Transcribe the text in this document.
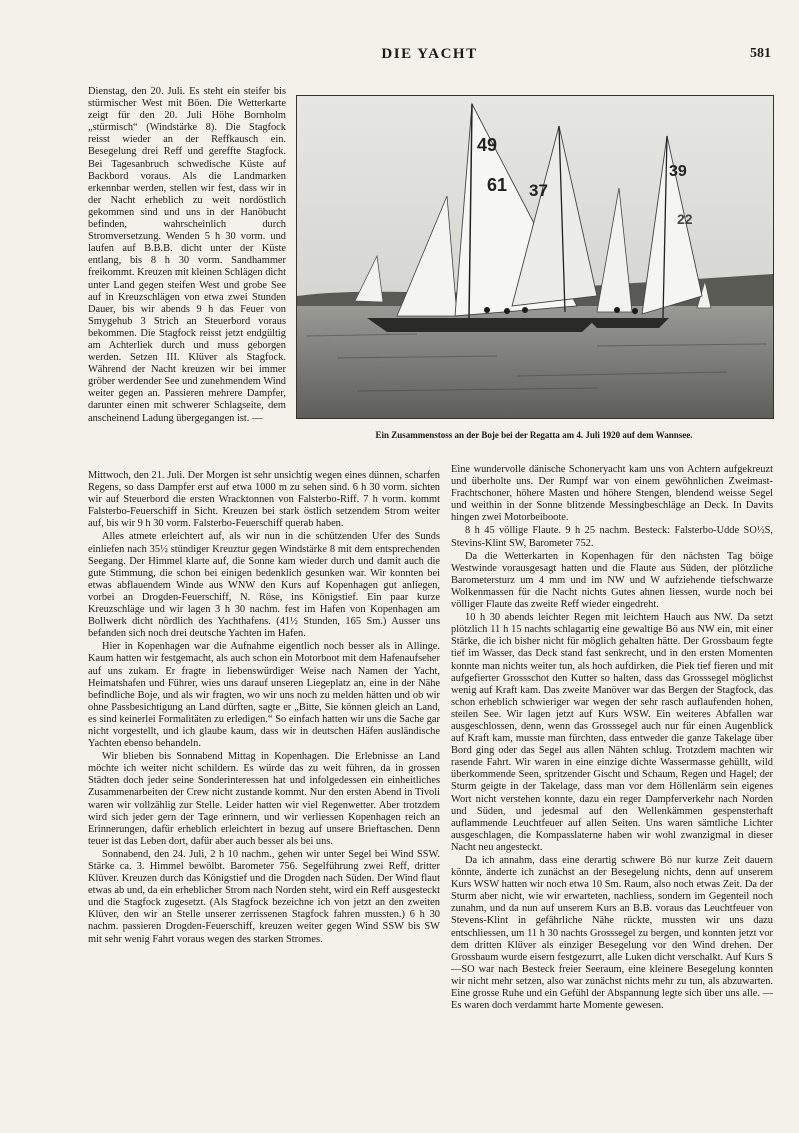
DIE YACHT	581

Dienstag, den 20. Juli. Es steht ein steifer bis stürmischer West mit Böen. Die Wetterkarte zeigt für den 20. Juli Höhe Bornholm „stürmisch“ (Windstärke 8). Die Stagfock reisst wieder an der Reffkausch ein. Besegelung drei Reff und gereffte Stagfock. Bei Tagesanbruch schwedische Küste auf Backbord voraus. Als die Landmarken erkennbar werden, stellen wir fest, dass wir in der Nacht erheblich zu weit nordöstlich gekommen sind und uns in der Hanöbucht befinden, wahrscheinlich durch Stromversetzung. Wenden 5 h 30 vorm. und laufen auf B.B.B. dicht unter der Küste entlang, bis 8 h 30 vorm. Sandhammer freikommt. Kreuzen mit kleinen Schlägen dicht unter Land gegen steifen West und grobe See auf in Kreuzschlägen von etwa zwei Stunden Dauer, bis wir abends 9 h das Feuer von Smygehub 3 Strich an Steuerbord voraus bekommen. Die Stagfock reisst jetzt endgültig am Achterliek durch und muss geborgen werden. Setzen III. Klüver als Stagfock. Während der Nacht kreuzen wir bei immer gröber werdender See und zunehmendem Wind weiter gegen an. Passieren mehrere Dampfer, darunter einen mit schwerer Schlagseite, dem anscheinend Ladung übergegangen ist. —

49
61 37
39
22
Ein Zusammenstoss an der Boje bei der Regatta am 4. Juli 1920 auf dem Wannsee.

Mittwoch, den 21. Juli. Der Morgen ist sehr unsichtig wegen eines dünnen, scharfen Regens, so dass Dampfer erst auf etwa 1000 m zu sehen sind. 6 h 30 vorm. sichten wir auf Steuerbord die ersten Wracktonnen von Falsterbo-Riff. 7 h vorm. kommt Falsterbo-Feuerschiff in Sicht. Kreuzen bei stark östlich setzendem Strom weiter auf, bis wir 9 h 30 vorm. Falsterbo-Feuerschiff querab haben.

Alles atmete erleichtert auf, als wir nun in die schützenden Ufer des Sunds einliefen nach 35½ stündiger Kreuztur gegen Windstärke 8 mit dem entsprechenden Seegang. Der Himmel klarte auf, die Sonne kam wieder durch und damit auch die gute Stimmung, die schon bei einigen bedenklich gesunken war. Wir konnten bei etwas abflauendem Winde aus WNW den Kurs auf Kopenhagen gut anliegen, vorbei an Drogden-Feuerschiff, N. Röse, ins Königstief. Ein paar kurze Kreuzschläge und wir lagen 3 h 30 nachm. fest im Hafen von Kopenhagen am Bollwerk dicht nördlich des Yachthafens. (41½ Stunden, 165 Sm.) Ausser uns befanden sich noch drei deutsche Yachten im Hafen.

Hier in Kopenhagen war die Aufnahme eigentlich noch besser als in Allinge. Kaum hatten wir festgemacht, als auch schon ein Motorboot mit dem Hafenaufseher auf uns zukam. Er fragte in liebenswürdiger Weise nach Namen der Yacht, Heimatshafen und Führer, wies uns darauf unseren Liegeplatz an, eine in der Nähe befindliche Boje, und als wir fragten, wo wir uns noch zu melden hätten und ob wir ohne Passbesichtigung an Land dürften, sagte er „Bitte, Sie können gleich an Land, es sind keinerlei Formalitäten zu erledigen.“ So einfach hatten wir uns die Sache gar nicht vorgestellt, und ich glaube kaum, dass wir in deutschen Häfen ausländische Yachten ebenso behandeln.

Wir blieben bis Sonnabend Mittag in Kopenhagen. Die Erlebnisse an Land möchte ich weiter nicht schildern. Es würde das zu weit führen, da in grossen Städten doch jeder seine Sonderinteressen hat und infolgedessen ein einheitliches Zusammenarbeiten der Crew nicht zustande kommt. Nur den ersten Abend in Tivoli waren wir vollzählig zur Stelle. Leider hatten wir viel Regenwetter. Aber trotzdem wird sich jeder gern der Tage erinnern, und wir verliessen Kopenhagen reich an Erinnerungen, dafür erheblich erleichtert in bezug auf unsere Brieftaschen. Denn teuer ist das Leben dort, dafür aber auch besser als bei uns.

Sonnabend, den 24. Juli, 2 h 10 nachm., gehen wir unter Segel bei Wind SSW. Stärke ca. 3. Himmel bewölbt. Barometer 756. Segelführung zwei Reff, dritter Klüver. Kreuzen durch das Königstief und die Drogden nach Süden. Der Wind flaut etwas ab und, da ein erheblicher Strom nach Norden steht, wird ein Reff ausgesteckt und die Stagfock zugesetzt. (Als Stagfock bezeichne ich von jetzt an den zweiten Klüver, den wir an Stelle unserer zerrissenen Stagfock fahren mussten.) 6 h 30 nachm. passieren Drogden-Feuerschiff, kreuzen weiter gegen Wind SSW bis SW mit sehr wenig Fahrt voraus wegen des starken Stromes.

Eine wundervolle dänische Schoneryacht kam uns von Achtern aufgekreuzt und überholte uns. Der Rumpf war von einem gewöhnlichen Zweimast-Frachtschoner, höhere Masten und höhere Stengen, blendend weisse Segel und weithin in der Sonne blitzende Messingbeschläge an Deck. In Davits hingen zwei Motorbeiboote.

8 h 45 völlige Flaute. 9 h 25 nachm. Besteck: Falsterbo-Udde SO½S, Stevins-Klint SW, Barometer 752.

Da die Wetterkarten in Kopenhagen für den nächsten Tag böige Westwinde vorausgesagt hatten und die Flaute aus Süden, der plötzliche Barometersturz um 4 mm und im NW und W aufziehende tiefschwarze Wolkenmassen für die Nacht nichts Gutes ahnen liessen, wurde noch bei völliger Flaute das zweite Reff wieder eingedreht.

10 h 30 abends leichter Regen mit leichtem Hauch aus NW. Da setzt plötzlich 11 h 15 nachts schlagartig eine gewaltige Bö aus NW ein, mit einer Stärke, die ich bisher nicht für möglich gehalten hätte. Der Grossbaum fegte tief im Wasser, das Deck stand fast senkrecht, und in den ersten Momenten konnte man nichts weiter tun, als hoch aufdirken, die Piek tief fieren und mit aufgefierter Grossschot den Kutter so halten, dass das Grosssegel möglichst wenig auf Kraft kam. Das zweite Manöver war das Bergen der Stagfock, das schon erheblich schwieriger war wegen der sehr rasch auflaufenden hohen, steilen See. Wir lagen jetzt auf Kurs WSW. Ein weiteres Abfallen war ausgeschlossen, denn, wenn das Grosssegel auch nur für einen Augenblick auf Kraft kam, musste man fürchten, dass entweder die ganze Takelage über Bord ging oder das Segel aus allen Nähten schlug. Trotzdem machten wir rasende Fahrt. Wir waren in eine einzige dichte Wassermasse gehüllt, wild überkommende Seen, spritzender Gischt und Schaum, Regen und Hagel; der Sturm geigte in der Takelage, dass man vor dem Höllenlärm sein eigenes Wort nicht verstehen konnte, dazu ein reger Dampferverkehr nach Norden und Süden, und jedesmal auf den Wellenkämmen gespensterhaft auflammende Leuchtfeuer auf allen Seiten. Uns waren sämtliche Lichter ausgeschlagen, die Kompasslaterne haben wir wohl zwanzigmal in dieser Nacht neu angesteckt.

Da ich annahm, dass eine derartig schwere Bö nur kurze Zeit dauern könnte, änderte ich zunächst an der Besegelung nichts, denn auf unserem Kurs WSW hatten wir noch etwa 10 Sm. Raum, also noch etwas Zeit. Da der Sturm aber nicht, wie wir erwarteten, nachliess, sondern im Gegenteil noch zunahm, und da nun auf unserem Kurs an B.B. voraus das Leuchtfeuer von Stevens-Klint in gefährliche Nähe rückte, mussten wir uns dazu entschliessen, um 11 h 30 nachts Grosssegel zu bergen, und konnten jetzt vor dem dritten Klüver als einziger Besegelung vor den Wind drehen. Der Grossbaum wurde eisern festgezurrt, alle Luken dicht verschalkt. Auf Kurs S—SO war nach Besteck freier Seeraum, eine kleinere Besegelung konnten wir nicht mehr setzen, also war zunächst nichts mehr zu tun, als abzuwarten. Eine grosse Ruhe und ein Gefühl der Abspannung legte sich über uns alle. — Es waren doch verdammt harte Momente gewesen.
